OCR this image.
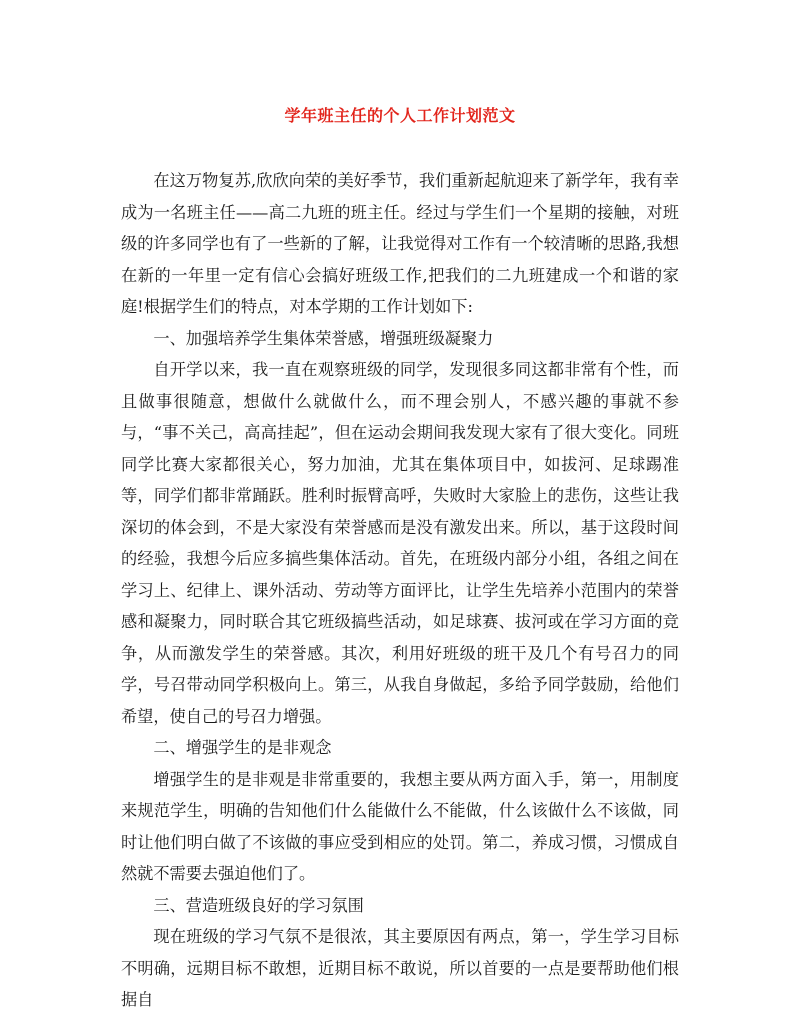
学年班主任的个人工作计划范文

在这万物复苏,欣欣向荣的美好季节，我们重新起航迎来了新学年，我有幸成为一名班主任——高二九班的班主任。经过与学生们一个星期的接触，对班级的许多同学也有了一些新的了解，让我觉得对工作有一个较清晰的思路,我想在新的一年里一定有信心会搞好班级工作,把我们的二九班建成一个和谐的家庭!根据学生们的特点，对本学期的工作计划如下:

一、加强培养学生集体荣誉感，增强班级凝聚力

自开学以来，我一直在观察班级的同学，发现很多同这都非常有个性，而且做事很随意，想做什么就做什么，而不理会别人，不感兴趣的事就不参与，“事不关己，高高挂起”，但在运动会期间我发现大家有了很大变化。同班同学比赛大家都很关心，努力加油，尤其在集体项目中，如拔河、足球踢准等，同学们都非常踊跃。胜利时振臂高呼，失败时大家脸上的悲伤，这些让我深切的体会到，不是大家没有荣誉感而是没有激发出来。所以，基于这段时间的经验，我想今后应多搞些集体活动。首先，在班级内部分小组，各组之间在学习上、纪律上、课外活动、劳动等方面评比，让学生先培养小范围内的荣誉感和凝聚力，同时联合其它班级搞些活动，如足球赛、拔河或在学习方面的竞争，从而激发学生的荣誉感。其次，利用好班级的班干及几个有号召力的同学，号召带动同学积极向上。第三，从我自身做起，多给予同学鼓励，给他们希望，使自己的号召力增强。

二、增强学生的是非观念

增强学生的是非观是非常重要的，我想主要从两方面入手，第一，用制度来规范学生，明确的告知他们什么能做什么不能做，什么该做什么不该做，同时让他们明白做了不该做的事应受到相应的处罚。第二，养成习惯，习惯成自然就不需要去强迫他们了。

三、营造班级良好的学习氛围

现在班级的学习气氛不是很浓，其主要原因有两点，第一，学生学习目标不明确，远期目标不敢想，近期目标不敢说，所以首要的一点是要帮助他们根据自
